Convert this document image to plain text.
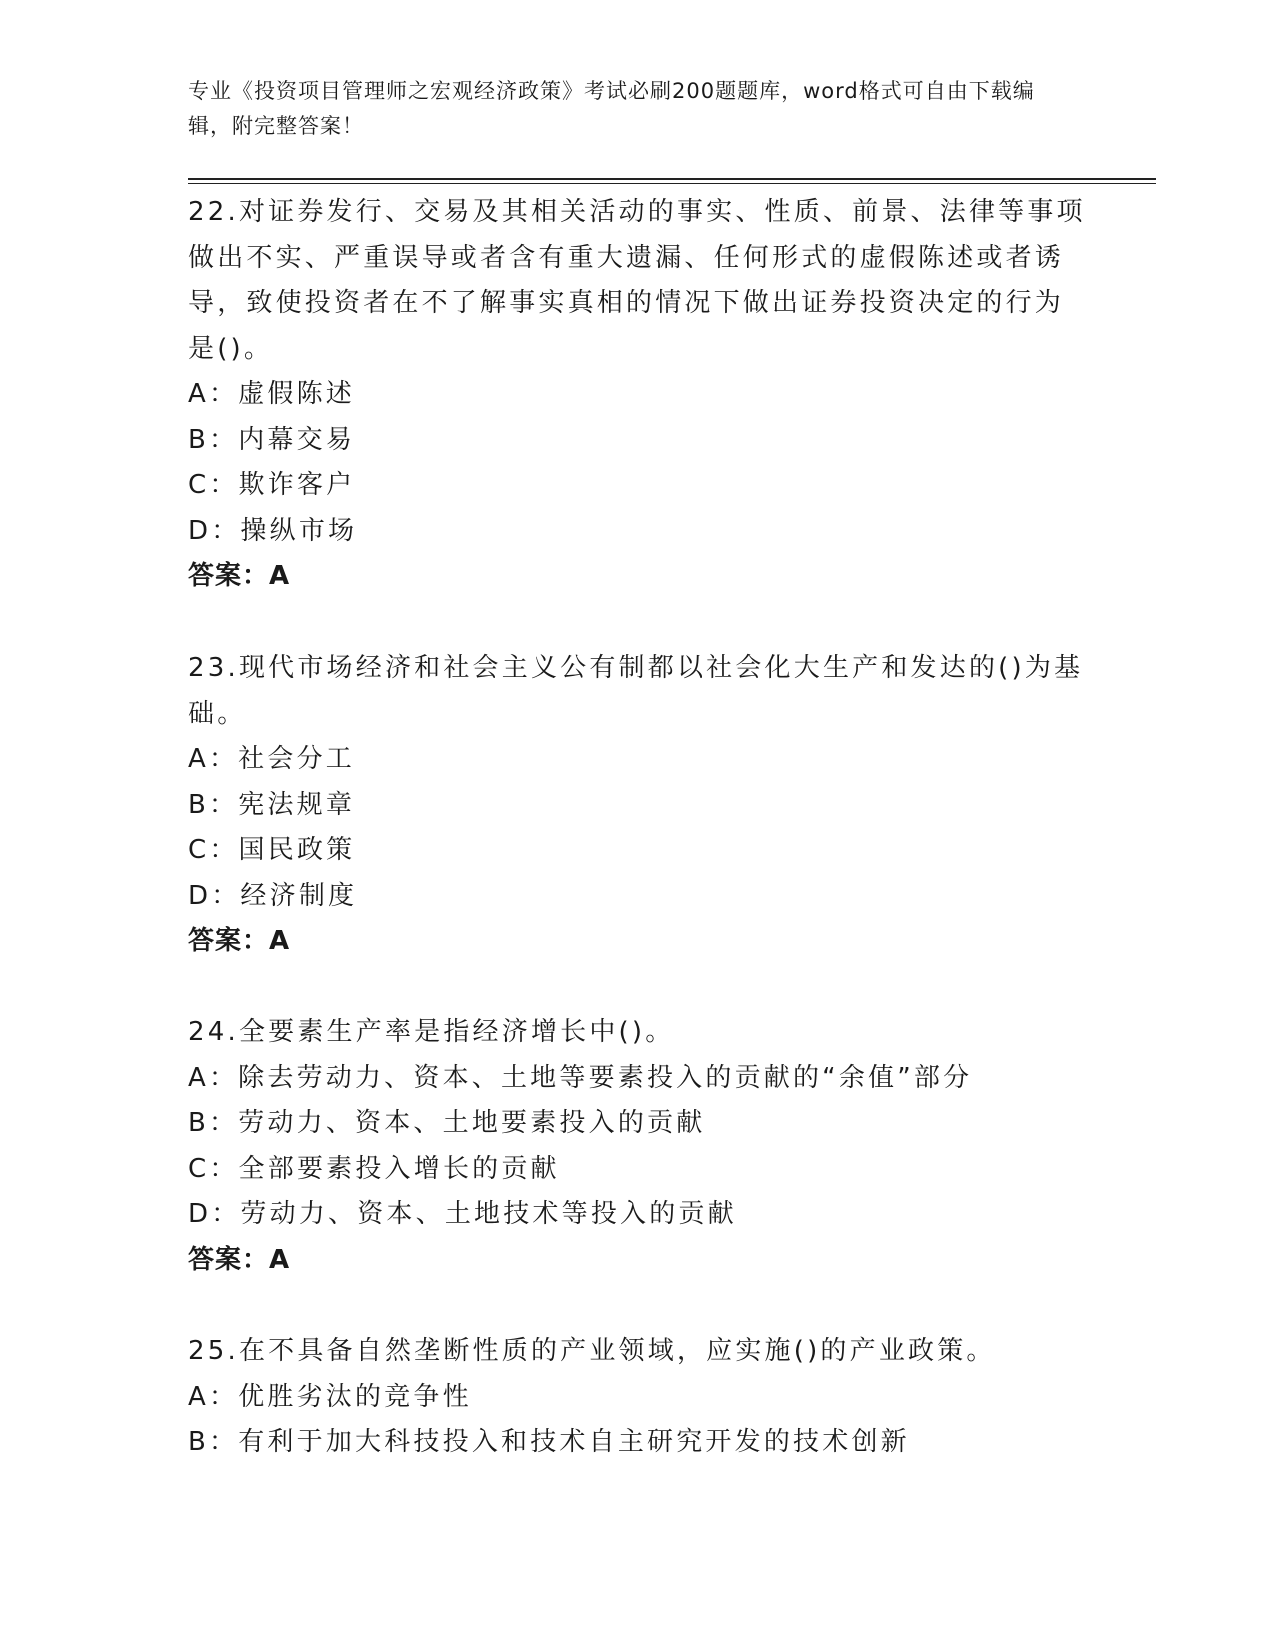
专业《投资项目管理师之宏观经济政策》考试必刷200题题库，word格式可自由下载编辑，附完整答案！

22.对证券发行、交易及其相关活动的事实、性质、前景、法律等事项做出不实、严重误导或者含有重大遗漏、任何形式的虚假陈述或者诱导，致使投资者在不了解事实真相的情况下做出证券投资决定的行为是()。

A：虚假陈述

B：内幕交易

C：欺诈客户

D：操纵市场

答案：A

23.现代市场经济和社会主义公有制都以社会化大生产和发达的()为基础。

A：社会分工

B：宪法规章

C：国民政策

D：经济制度

答案：A

24.全要素生产率是指经济增长中()。

A：除去劳动力、资本、土地等要素投入的贡献的“余值”部分

B：劳动力、资本、土地要素投入的贡献

C：全部要素投入增长的贡献

D：劳动力、资本、土地技术等投入的贡献

答案：A

25.在不具备自然垄断性质的产业领域，应实施()的产业政策。

A：优胜劣汰的竞争性

B：有利于加大科技投入和技术自主研究开发的技术创新
